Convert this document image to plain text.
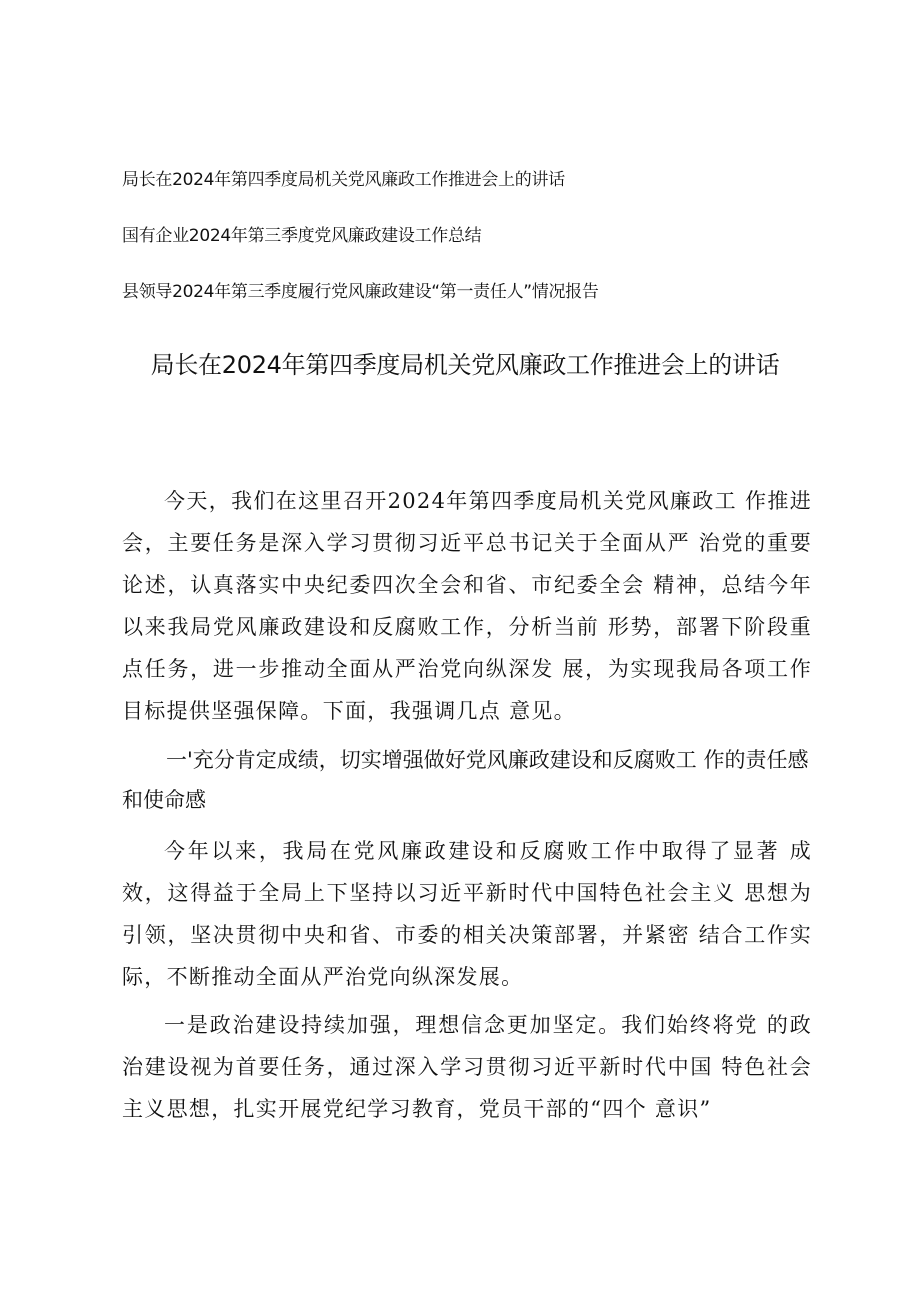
局长在2024年第四季度局机关党风廉政工作推进会上的讲话
国有企业2024年第三季度党风廉政建设工作总结
县领导2024年第三季度履行党风廉政建设“第一责任人”情况报告
局长在2024年第四季度局机关党风廉政工作推进会上的讲话

今天，我们在这里召开2024年第四季度局机关党风廉政工 作推进会，主要任务是深入学习贯彻习近平总书记关于全面从严 治党的重要论述，认真落实中央纪委四次全会和省、市纪委全会 精神，总结今年以来我局党风廉政建设和反腐败工作，分析当前 形势，部署下阶段重点任务，进一步推动全面从严治党向纵深发 展，为实现我局各项工作目标提供坚强保障。下面，我强调几点 意见。

一'充分肯定成绩，切实增强做好党风廉政建设和反腐败工 作的责任感和使命感

今年以来，我局在党风廉政建设和反腐败工作中取得了显著 成效，这得益于全局上下坚持以习近平新时代中国特色社会主义 思想为引领，坚决贯彻中央和省、市委的相关决策部署，并紧密 结合工作实际，不断推动全面从严治党向纵深发展。

一是政治建设持续加强，理想信念更加坚定。我们始终将党 的政治建设视为首要任务，通过深入学习贯彻习近平新时代中国 特色社会主义思想，扎实开展党纪学习教育，党员干部的“四个 意识”
